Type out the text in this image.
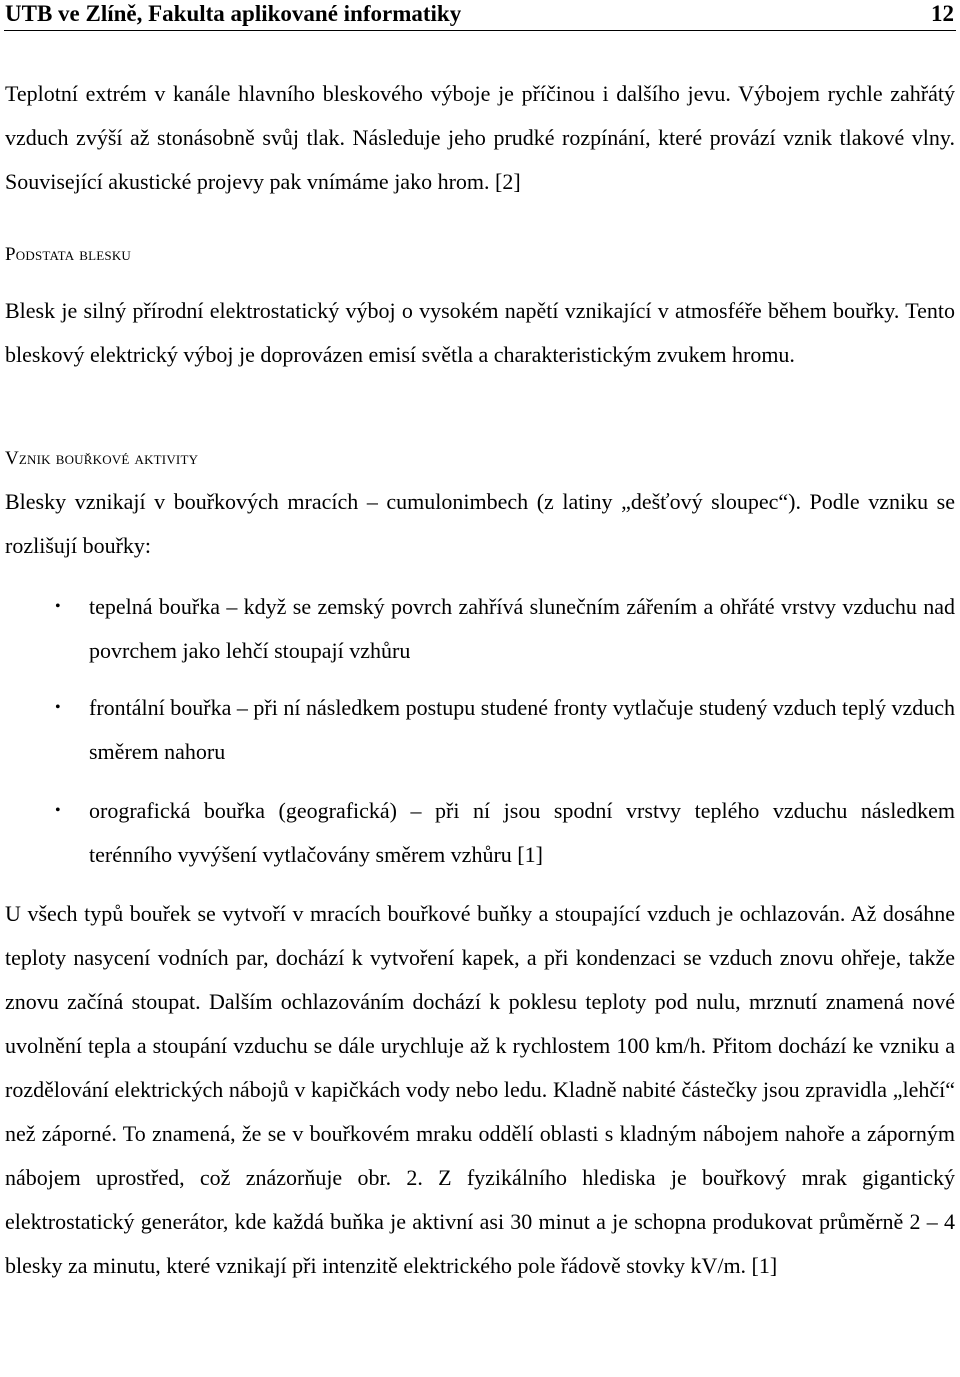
UTB ve Zlíně, Fakulta aplikované informatiky	12

Teplotní extrém v kanále hlavního bleskového výboje je příčinou i dalšího jevu. Výbojem rychle zahřátý vzduch zvýší až stonásobně svůj tlak. Následuje jeho prudké rozpínání, které provází vznik tlakové vlny. Související akustické projevy pak vnímáme jako hrom. [2]

Podstata blesku

Blesk je silný přírodní elektrostatický výboj o vysokém napětí vznikající v atmosféře během bouřky. Tento bleskový elektrický výboj je doprovázen emisí světla a charakteristickým zvukem hromu.

Vznik bouřkové aktivity

Blesky vznikají v bouřkových mracích – cumulonimbech (z latiny „dešťový sloupec“). Podle vzniku se rozlišují bouřky:

• tepelná bouřka – když se zemský povrch zahřívá slunečním zářením a ohřáté vrstvy vzduchu nad povrchem jako lehčí stoupají vzhůru
• frontální bouřka – při ní následkem postupu studené fronty vytlačuje studený vzduch teplý vzduch směrem nahoru
• orografická bouřka (geografická) – při ní jsou spodní vrstvy teplého vzduchu následkem terénního vyvýšení vytlačovány směrem vzhůru [1]

U všech typů bouřek se vytvoří v mracích bouřkové buňky a stoupající vzduch je ochlazován. Až dosáhne teploty nasycení vodních par, dochází k vytvoření kapek, a při kondenzaci se vzduch znovu ohřeje, takže znovu začíná stoupat. Dalším ochlazováním dochází k poklesu teploty pod nulu, mrznutí znamená nové uvolnění tepla a stoupání vzduchu se dále urychluje až k rychlostem 100 km/h. Přitom dochází ke vzniku a rozdělování elektrických nábojů v kapičkách vody nebo ledu. Kladně nabité částečky jsou zpravidla „lehčí“ než záporné. To znamená, že se v bouřkovém mraku oddělí oblasti s kladným nábojem nahoře a záporným nábojem uprostřed, což znázorňuje obr. 2. Z fyzikálního hlediska je bouřkový mrak gigantický elektrostatický generátor, kde každá buňka je aktivní asi 30 minut a je schopna produkovat průměrně 2 – 4 blesky za minutu, které vznikají při intenzitě elektrického pole řádově stovky kV/m. [1]
